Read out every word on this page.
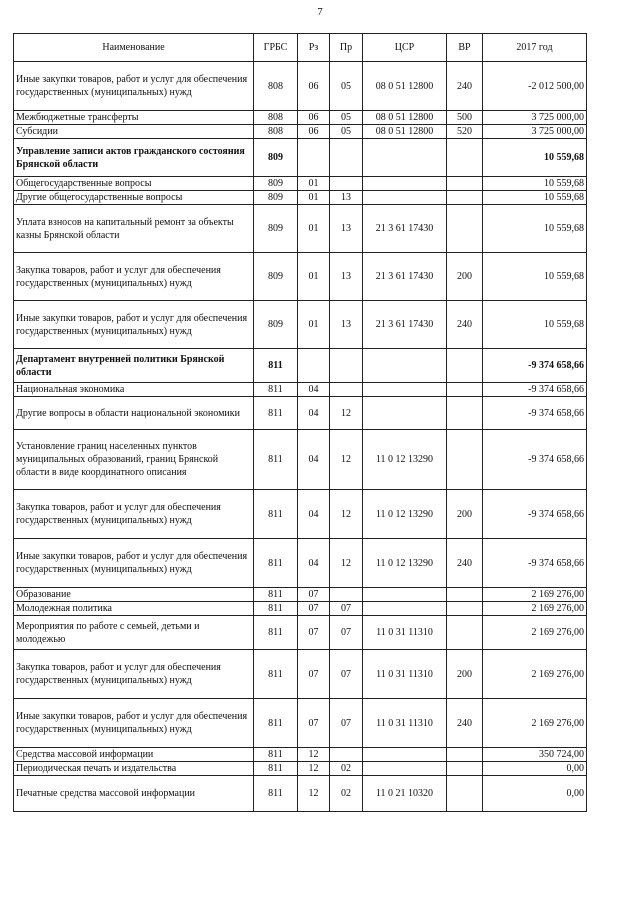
7
Наименование	ГРБС	Рз	Пр	ЦСР	ВР	2017 год
Иные закупки товаров, работ и услуг для обеспечения государственных (муниципальных) нужд	808	06	05	08 0 51 12800	240	-2 012 500,00
Межбюджетные трансферты	808	06	05	08 0 51 12800	500	3 725 000,00
Субсидии	808	06	05	08 0 51 12800	520	3 725 000,00
Управление записи актов гражданского состояния Брянской области	809					10 559,68
Общегосударственные вопросы	809	01				10 559,68
Другие общегосударственные вопросы	809	01	13			10 559,68
Уплата взносов на капитальный ремонт за объекты казны Брянской области	809	01	13	21 3 61 17430		10 559,68
Закупка товаров, работ и услуг для обеспечения государственных (муниципальных) нужд	809	01	13	21 3 61 17430	200	10 559,68
Иные закупки товаров, работ и услуг для обеспечения государственных (муниципальных) нужд	809	01	13	21 3 61 17430	240	10 559,68
Департамент внутренней политики Брянской области	811					-9 374 658,66
Национальная экономика	811	04				-9 374 658,66
Другие вопросы в области национальной экономики	811	04	12			-9 374 658,66
Установление границ населенных пунктов муниципальных образований, границ Брянской области в виде координатного описания	811	04	12	11 0 12 13290		-9 374 658,66
Закупка товаров, работ и услуг для обеспечения государственных (муниципальных) нужд	811	04	12	11 0 12 13290	200	-9 374 658,66
Иные закупки товаров, работ и услуг для обеспечения государственных (муниципальных) нужд	811	04	12	11 0 12 13290	240	-9 374 658,66
Образование	811	07				2 169 276,00
Молодежная политика	811	07	07			2 169 276,00
Мероприятия по работе с семьей, детьми и молодежью	811	07	07	11 0 31 11310		2 169 276,00
Закупка товаров, работ и услуг для обеспечения государственных (муниципальных) нужд	811	07	07	11 0 31 11310	200	2 169 276,00
Иные закупки товаров, работ и услуг для обеспечения государственных (муниципальных) нужд	811	07	07	11 0 31 11310	240	2 169 276,00
Средства массовой информации	811	12				350 724,00
Периодическая печать и издательства	811	12	02			0,00
Печатные средства массовой информации	811	12	02	11 0 21 10320		0,00
